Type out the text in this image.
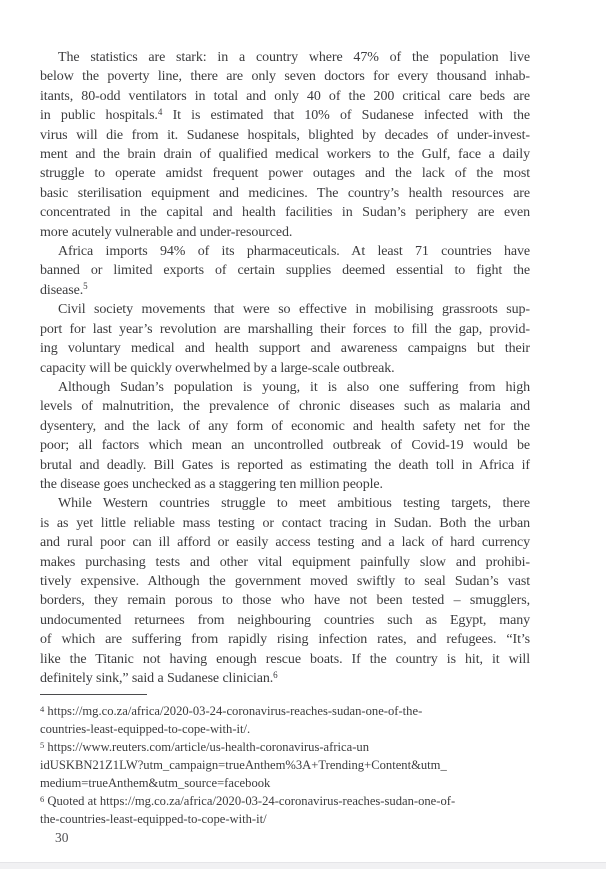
The statistics are stark: in a country where 47% of the population live
below the poverty line, there are only seven doctors for every thousand inhab-
itants, 80-odd ventilators in total and only 40 of the 200 critical care beds are
in public hospitals.$^4$ It is estimated that 10% of Sudanese infected with the
virus will die from it. Sudanese hospitals, blighted by decades of under-invest-
ment and the brain drain of qualified medical workers to the Gulf, face a daily
struggle to operate amidst frequent power outages and the lack of the most
basic sterilisation equipment and medicines. The country’s health resources are
concentrated in the capital and health facilities in Sudan’s periphery are even
more acutely vulnerable and under-resourced.
Africa imports 94% of its pharmaceuticals. At least 71 countries have
banned or limited exports of certain supplies deemed essential to fight the
disease.$^5$
Civil society movements that were so effective in mobilising grassroots sup-
port for last year’s revolution are marshalling their forces to fill the gap, provid-
ing voluntary medical and health support and awareness campaigns but their
capacity will be quickly overwhelmed by a large-scale outbreak.
Although Sudan’s population is young, it is also one suffering from high
levels of malnutrition, the prevalence of chronic diseases such as malaria and
dysentery, and the lack of any form of economic and health safety net for the
poor; all factors which mean an uncontrolled outbreak of Covid-19 would be
brutal and deadly. Bill Gates is reported as estimating the death toll in Africa if
the disease goes unchecked as a staggering ten million people.
While Western countries struggle to meet ambitious testing targets, there
is as yet little reliable mass testing or contact tracing in Sudan. Both the urban
and rural poor can ill afford or easily access testing and a lack of hard currency
makes purchasing tests and other vital equipment painfully slow and prohibi-
tively expensive. Although the government moved swiftly to seal Sudan’s vast
borders, they remain porous to those who have not been tested – smugglers,
undocumented returnees from neighbouring countries such as Egypt, many
of which are suffering from rapidly rising infection rates, and refugees. “It’s
like the Titanic not having enough rescue boats. If the country is hit, it will
definitely sink,” said a Sudanese clinician.$^6$
$^4$ https://mg.co.za/africa/2020-03-24-coronavirus-reaches-sudan-one-of-the-
countries-least-equipped-to-cope-with-it/.
$^5$ https://www.reuters.com/article/us-health-coronavirus-africa-un
idUSKBN21Z1LW?utm_campaign=trueAnthem%3A+Trending+Content&utm_
medium=trueAnthem&utm_source=facebook
$^6$ Quoted at https://mg.co.za/africa/2020-03-24-coronavirus-reaches-sudan-one-of-
the-countries-least-equipped-to-cope-with-it/
30
